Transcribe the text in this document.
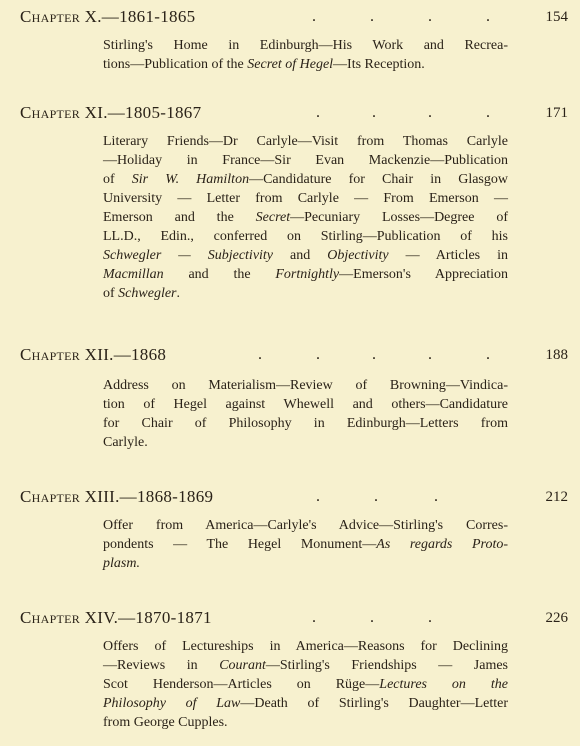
Chapter X.—1861-1865	.	.	.	.	154
Stirling's Home in Edinburgh—His Work and Recrea-
tions—Publication of the Secret of Hegel—Its Reception.
Chapter XI.—1805-1867	.	.	.	.	171
Literary Friends—Dr Carlyle—Visit from Thomas Carlyle
—Holiday in France—Sir Evan Mackenzie—Publication
of Sir W. Hamilton—Candidature for Chair in Glasgow
University — Letter from Carlyle — From Emerson —
Emerson and the Secret—Pecuniary Losses—Degree of
LL.D., Edin., conferred on Stirling—Publication of his
Schwegler — Subjectivity and Objectivity — Articles in
Macmillan and the Fortnightly—Emerson's Appreciation
of Schwegler.
Chapter XII.—1868	.	.	.	.	.	188
Address on Materialism—Review of Browning—Vindica-
tion of Hegel against Whewell and others—Candidature
for Chair of Philosophy in Edinburgh—Letters from
Carlyle.
Chapter XIII.—1868-1869	.	.	.	212
Offer from America—Carlyle's Advice—Stirling's Corres-
pondents — The Hegel Monument—As regards Proto-
plasm.
Chapter XIV.—1870-1871	.	.	.	226
Offers of Lectureships in America—Reasons for Declining
—Reviews in Courant—Stirling's Friendships — James
Scot Henderson—Articles on Rüge—Lectures on the
Philosophy of Law—Death of Stirling's Daughter—Letter
from George Cupples.
